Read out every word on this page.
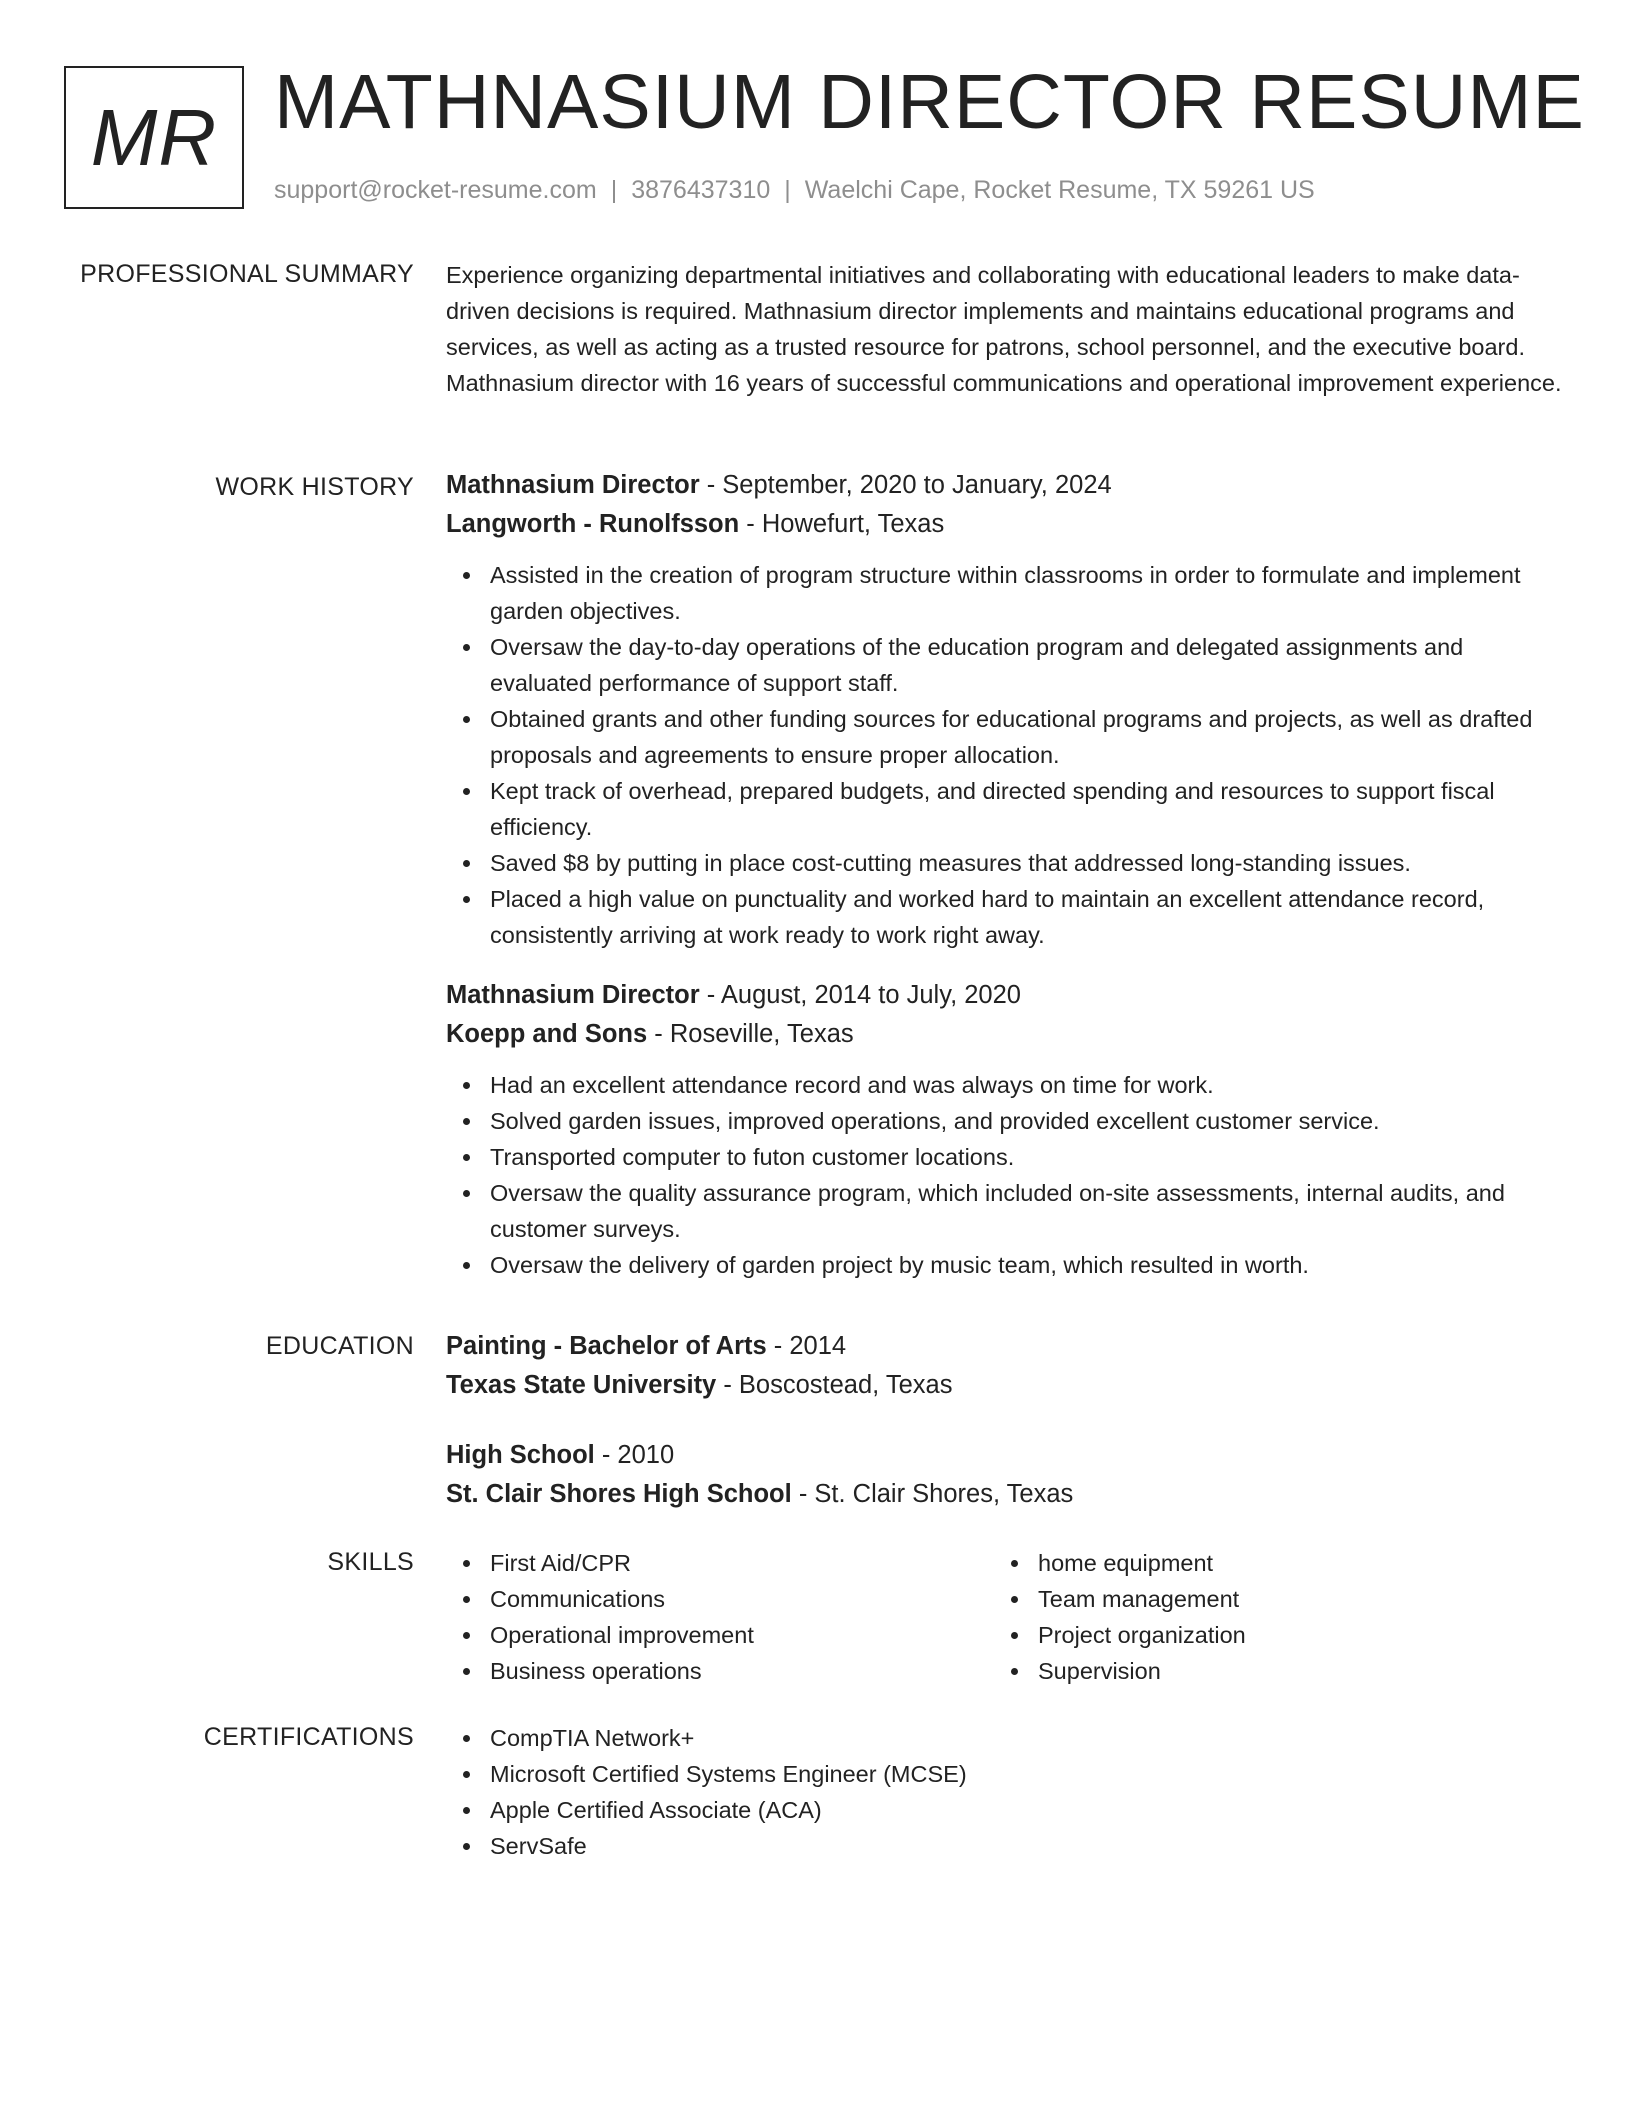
MR MATHNASIUM DIRECTOR RESUME
support@rocket-resume.com | 3876437310 | Waelchi Cape, Rocket Resume, TX 59261 US
PROFESSIONAL SUMMARY Experience organizing departmental initiatives and collaborating with educational leaders to make data-driven decisions is required. Mathnasium director implements and maintains educational programs and services, as well as acting as a trusted resource for patrons, school personnel, and the executive board. Mathnasium director with 16 years of successful communications and operational improvement experience.

WORK HISTORY Mathnasium Director - September, 2020 to January, 2024
Langworth - Runolfsson - Howefurt, Texas
Assisted in the creation of program structure within classrooms in order to formulate and implement garden objectives.
Oversaw the day-to-day operations of the education program and delegated assignments and evaluated performance of support staff.
Obtained grants and other funding sources for educational programs and projects, as well as drafted proposals and agreements to ensure proper allocation.
Kept track of overhead, prepared budgets, and directed spending and resources to support fiscal efficiency.
Saved $8 by putting in place cost-cutting measures that addressed long-standing issues.
Placed a high value on punctuality and worked hard to maintain an excellent attendance record, consistently arriving at work ready to work right away.
Mathnasium Director - August, 2014 to July, 2020
Koepp and Sons - Roseville, Texas
Had an excellent attendance record and was always on time for work.
Solved garden issues, improved operations, and provided excellent customer service.
Transported computer to futon customer locations.
Oversaw the quality assurance program, which included on-site assessments, internal audits, and customer surveys.
Oversaw the delivery of garden project by music team, which resulted in worth.
EDUCATION Painting - Bachelor of Arts - 2014
Texas State University - Boscostead, Texas
High School - 2010
St. Clair Shores High School - St. Clair Shores, Texas
SKILLS	First Aid/CPR
Communications
Operational improvement
Business operations
home equipment
Team management
Project organization
Supervision
CERTIFICATIONS	CompTIA Network+
Microsoft Certified Systems Engineer (MCSE)
Apple Certified Associate (ACA)
ServSafe
